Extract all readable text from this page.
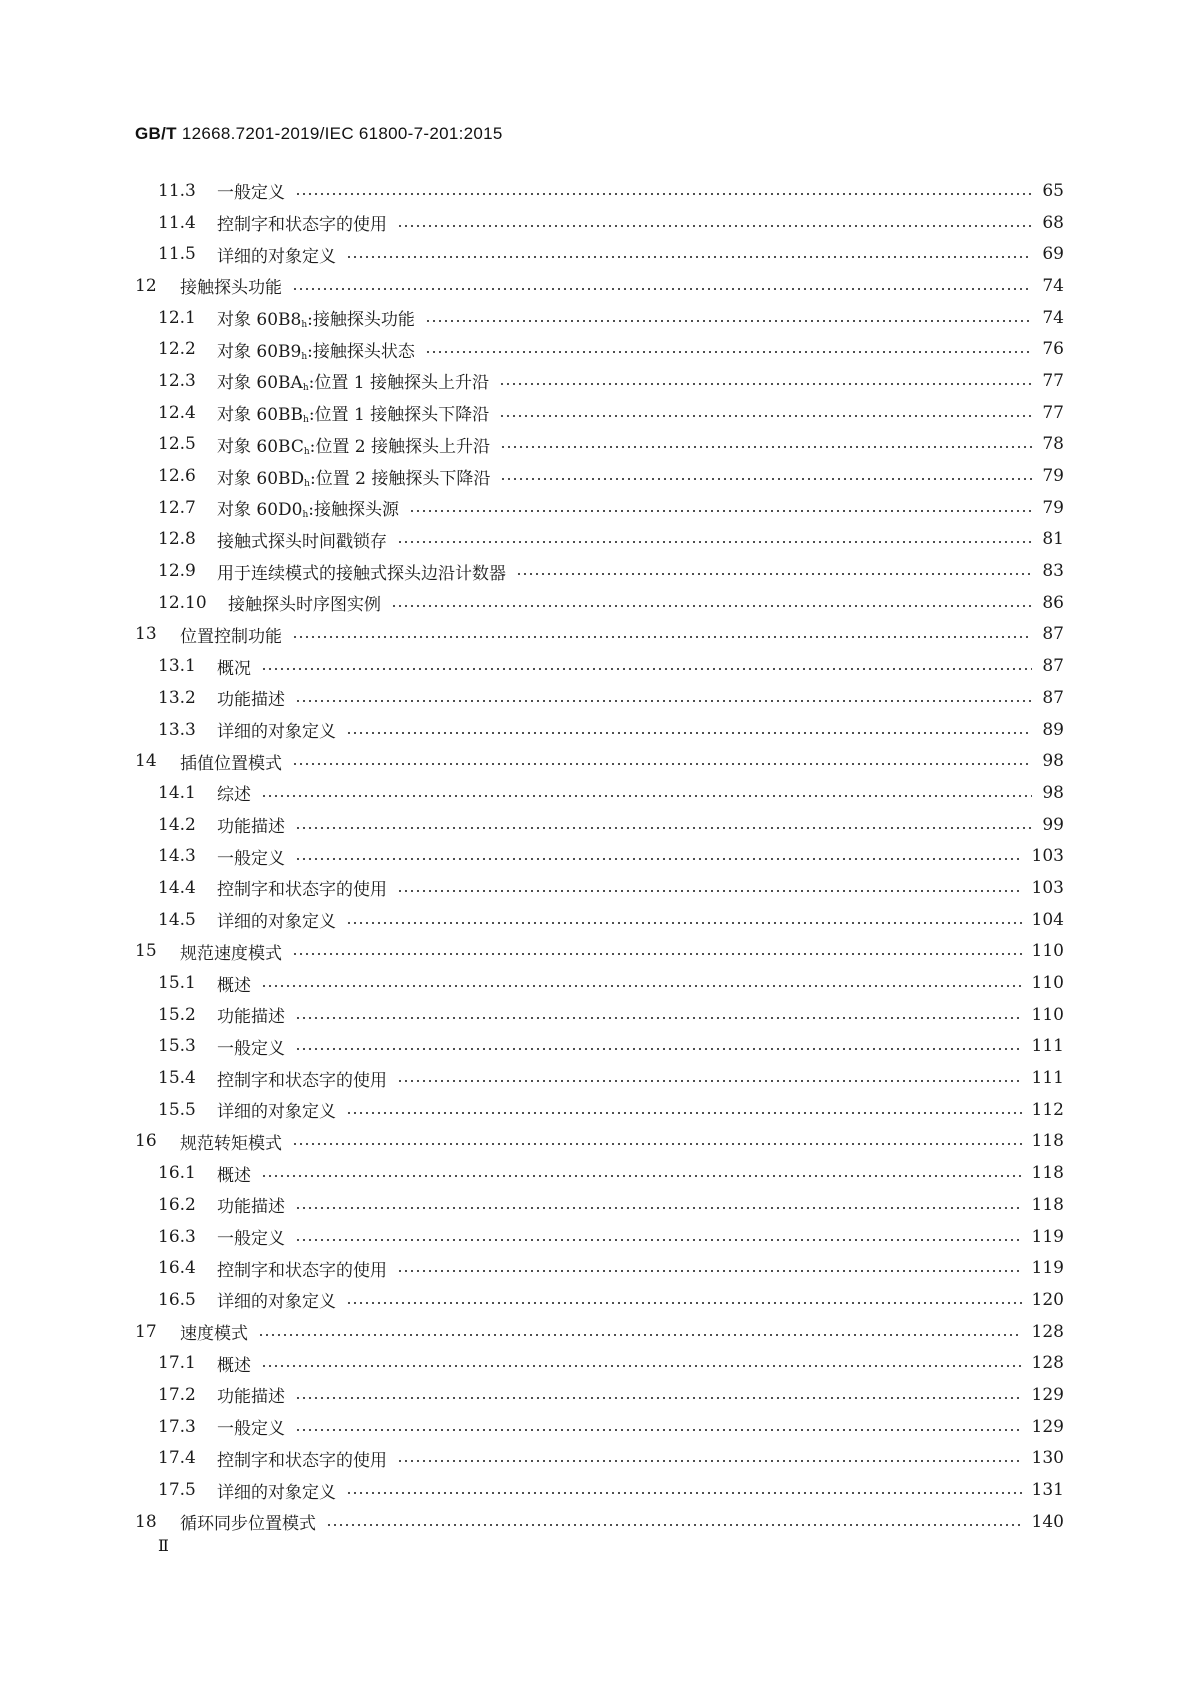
GB/T 12668.7201-2019/IEC 61800-7-201:2015
11.3 一般定义	65
11.4 控制字和状态字的使用	68
11.5 详细的对象定义	69
12 接触探头功能	74
12.1 对象 $60B8_h$:接触探头功能	74
12.2 对象 $60B9_h$:接触探头状态	76
12.3 对象 $60BA_h$:位置 1 接触探头上升沿	77
12.4 对象 $60BB_h$:位置 1 接触探头下降沿	77
12.5 对象 $60BC_h$:位置 2 接触探头上升沿	78
12.6 对象 $60BD_h$:位置 2 接触探头下降沿	79
12.7 对象 $60D0_h$:接触探头源	79
12.8 接触式探头时间戳锁存	81
12.9 用于连续模式的接触式探头边沿计数器	83
12.10 接触探头时序图实例	86
13 位置控制功能	87
13.1 概况	87
13.2 功能描述	87
13.3 详细的对象定义	89
14 插值位置模式	98
14.1 综述	98
14.2 功能描述	99
14.3 一般定义	103
14.4 控制字和状态字的使用	103
14.5 详细的对象定义	104
15 规范速度模式	110
15.1 概述	110
15.2 功能描述	110
15.3 一般定义	111
15.4 控制字和状态字的使用	111
15.5 详细的对象定义	112
16 规范转矩模式	118
16.1 概述	118
16.2 功能描述	118
16.3 一般定义	119
16.4 控制字和状态字的使用	119
16.5 详细的对象定义	120
17 速度模式	128
17.1 概述	128
17.2 功能描述	129
17.3 一般定义	129
17.4 控制字和状态字的使用	130
17.5 详细的对象定义	131
18 循环同步位置模式	140
Ⅱ
